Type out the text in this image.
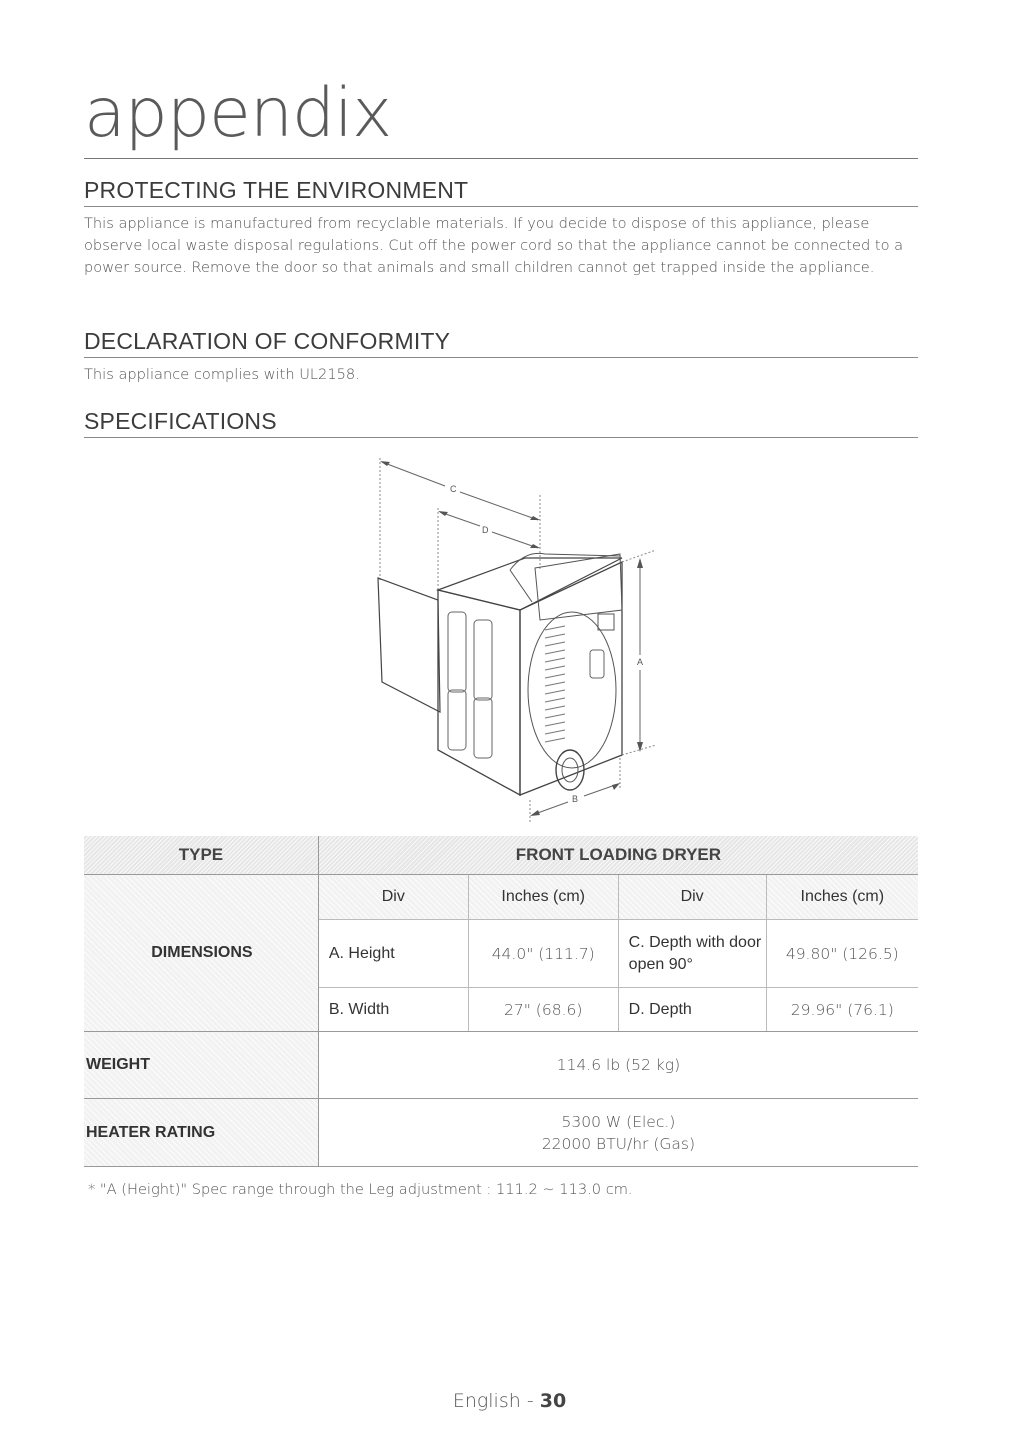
appendix
PROTECTING THE ENVIRONMENT

This appliance is manufactured from recyclable materials. If you decide to dispose of this appliance, please observe local waste disposal regulations. Cut off the power cord so that the appliance cannot be connected to a power source. Remove the door so that animals and small children cannot get trapped inside the appliance.

DECLARATION OF CONFORMITY

This appliance complies with UL2158.

SPECIFICATIONS
C
D
A
B
TYPE	FRONT LOADING DRYER			
DIMENSIONS	Div	Inches (cm)	Div	Inches (cm)
	A. Height	44.0" (111.7)	C. Depth with door open 90°	49.80" (126.5)
	B. Width	27" (68.6)	D. Depth	29.96" (76.1)
WEIGHT	114.6 lb (52 kg)			
HEATER RATING	5300 W (Elec.)
22000 BTU/hr (Gas)			
* "A (Height)" Spec range through the Leg adjustment : 111.2 ~ 113.0 cm.
English - 30
